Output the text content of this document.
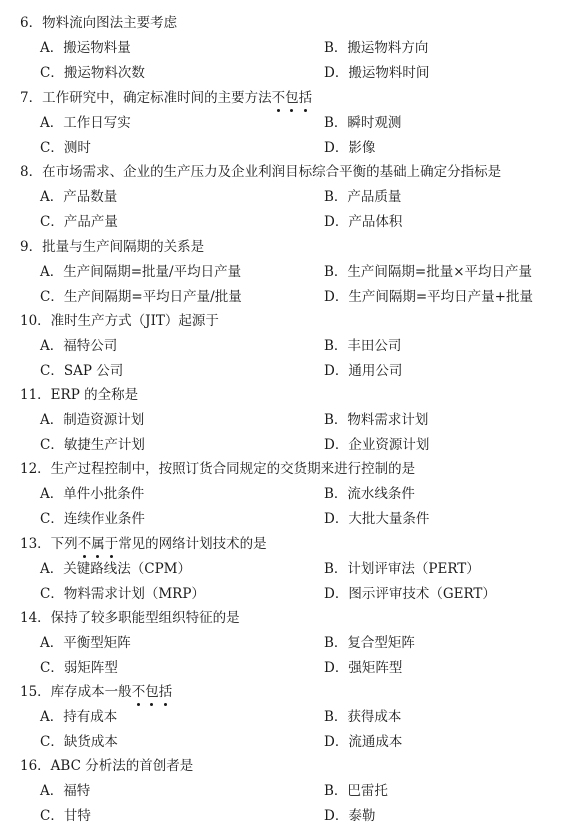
6．物料流向图法主要考虑
A．搬运物料量	B．搬运物料方向
C．搬运物料次数	D．搬运物料时间
7．工作研究中，确定标准时间的主要方法不
包
括
A．工作日写实	B．瞬时观测
C．测时	D．影像
8．在市场需求、企业的生产压力及企业利润目标综合平衡的基础上确定分指标是
A．产品数量	B．产品质量
C．产品产量	D．产品体积
9．批量与生产间隔期的关系是
A．生产间隔期=批量/平均日产量	B．生产间隔期=批量×平均日产量
C．生产间隔期=平均日产量/批量	D．生产间隔期=平均日产量+批量
10．准时生产方式（JIT）起源于
A．福特公司	B．丰田公司
C．SAP 公司	D．通用公司
11．ERP 的全称是
A．制造资源计划	B．物料需求计划
C．敏捷生产计划	D．企业资源计划
12．生产过程控制中，按照订货合同规定的交货期来进行控制的是
A．单件小批条件	B．流水线条件
C．连续作业条件	D．大批大量条件
13．下列不
属
于
常见的网络计划技术的是
A．关键路线法（CPM）	B．计划评审法（PERT）
C．物料需求计划（MRP）	D．图示评审技术（GERT）
14．保持了较多职能型组织特征的是
A．平衡型矩阵	B．复合型矩阵
C．弱矩阵型	D．强矩阵型
15．库存成本一般不
包
括
A．持有成本	B．获得成本
C．缺货成本	D．流通成本
16．ABC 分析法的首创者是
A．福特	B．巴雷托
C．甘特	D．泰勒
